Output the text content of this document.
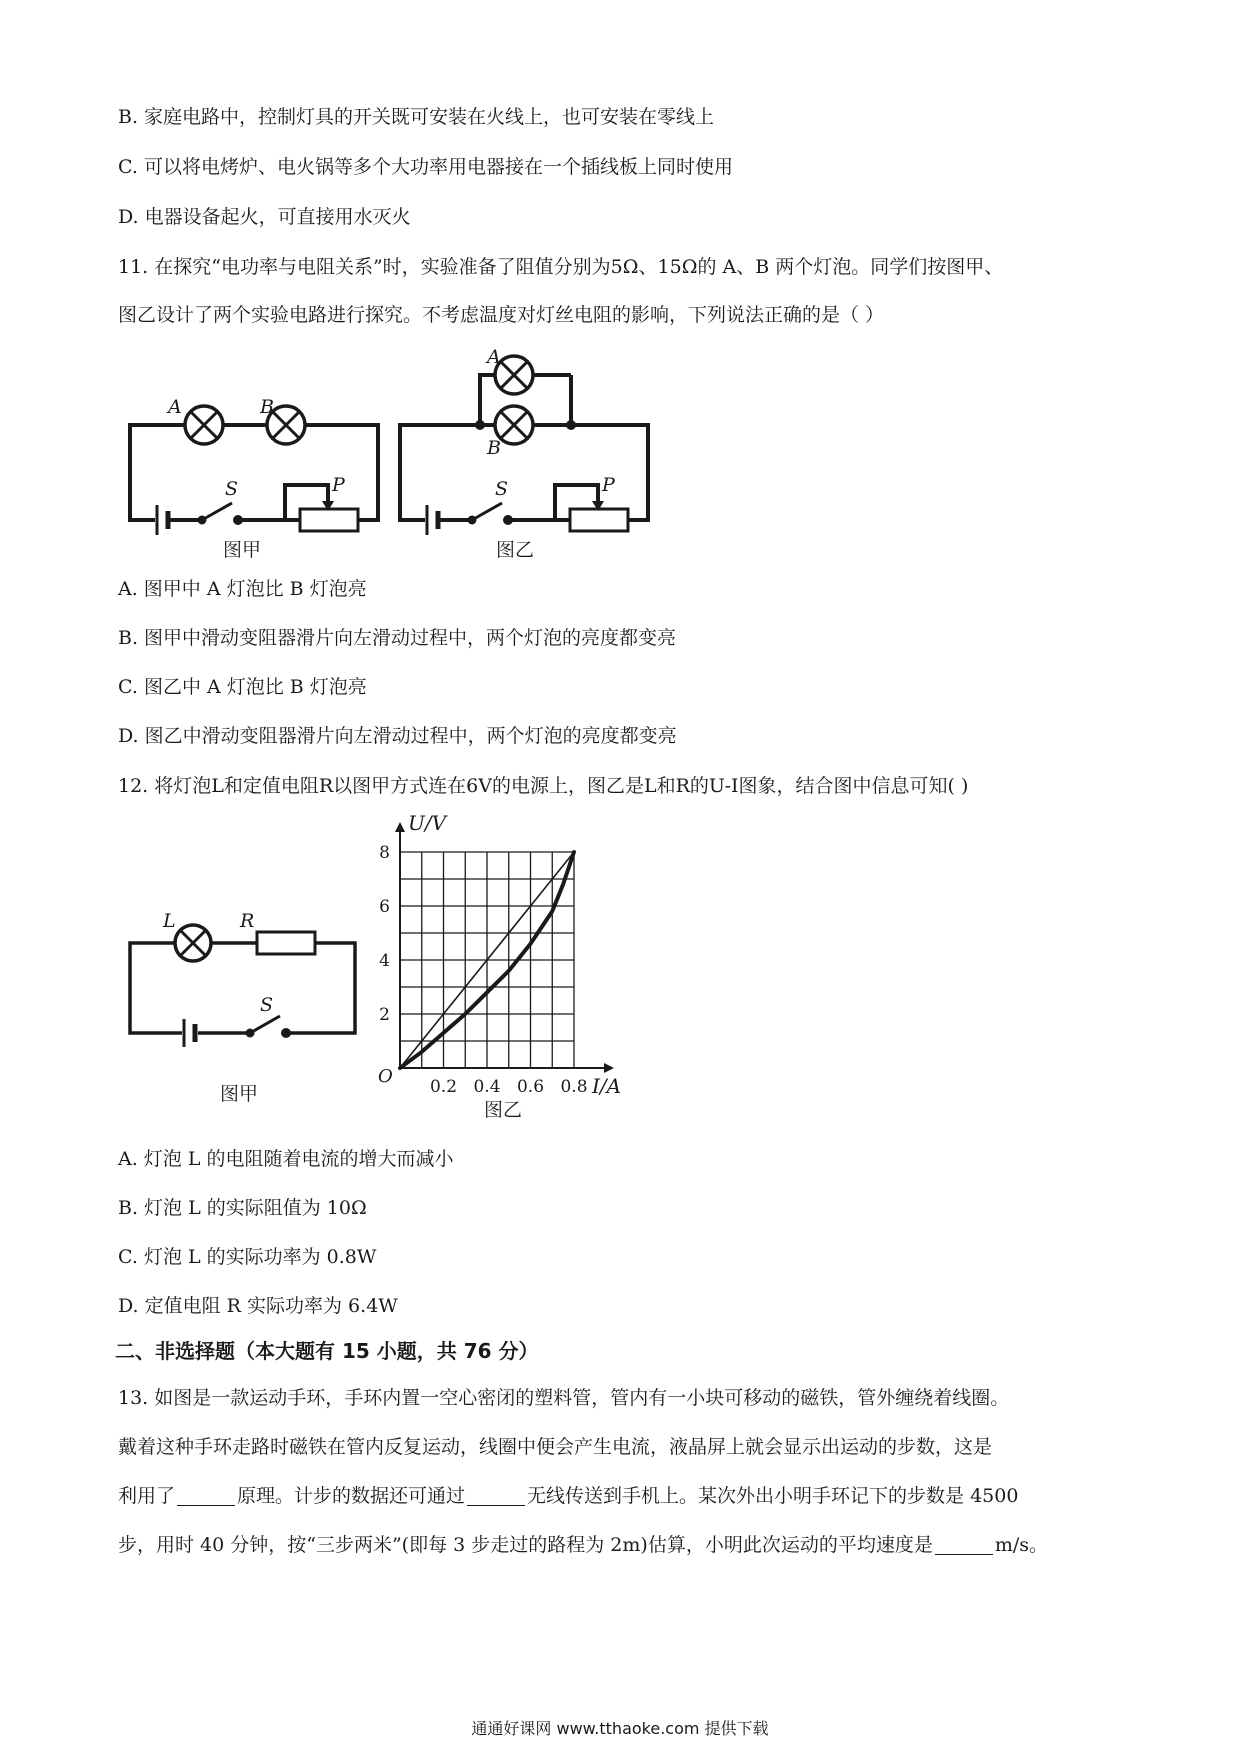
B. 家庭电路中，控制灯具的开关既可安装在火线上，也可安装在零线上
C. 可以将电烤炉、电火锅等多个大功率用电器接在一个插线板上同时使用
D. 电器设备起火，可直接用水灭火
11. 在探究“电功率与电阻关系”时，实验准备了阻值分别为5Ω、15Ω的 A、B 两个灯泡。同学们按图甲、
图乙设计了两个实验电路进行探究。不考虑温度对灯丝电阻的影响，下列说法正确的是（ ）
A	B
S	P
图甲
A
B
S	P
图乙
A. 图甲中 A 灯泡比 B 灯泡亮
B. 图甲中滑动变阻器滑片向左滑动过程中，两个灯泡的亮度都变亮
C. 图乙中 A 灯泡比 B 灯泡亮
D. 图乙中滑动变阻器滑片向左滑动过程中，两个灯泡的亮度都变亮
12. 将灯泡L和定值电阻R以图甲方式连在6V的电源上，图乙是L和R的U-I图象，结合图中信息可知( )
L	R
S
图甲	0.2 0.4 0.6 0.8
2
4
6
8
O
U/V
I/A
图乙
A. 灯泡 L 的电阻随着电流的增大而减小
B. 灯泡 L 的实际阻值为 10Ω
C. 灯泡 L 的实际功率为 0.8W
D. 定值电阻 R 实际功率为 6.4W
二、非选择题（本大题有 15 小题，共 76 分）
13. 如图是一款运动手环，手环内置一空心密闭的塑料管，管内有一小块可移动的磁铁，管外缠绕着线圈。
戴着这种手环走路时磁铁在管内反复运动，线圈中便会产生电流，液晶屏上就会显示出运动的步数，这是
利用了	原理。计步的数据还可通过	无线传送到手机上。某次外出小明手环记下的步数是 4500
步，用时 40 分钟，按“三步两米”(即每 3 步走过的路程为 2m)估算，小明此次运动的平均速度是	m/s。
通通好课网 www.tthaoke.com 提供下载
